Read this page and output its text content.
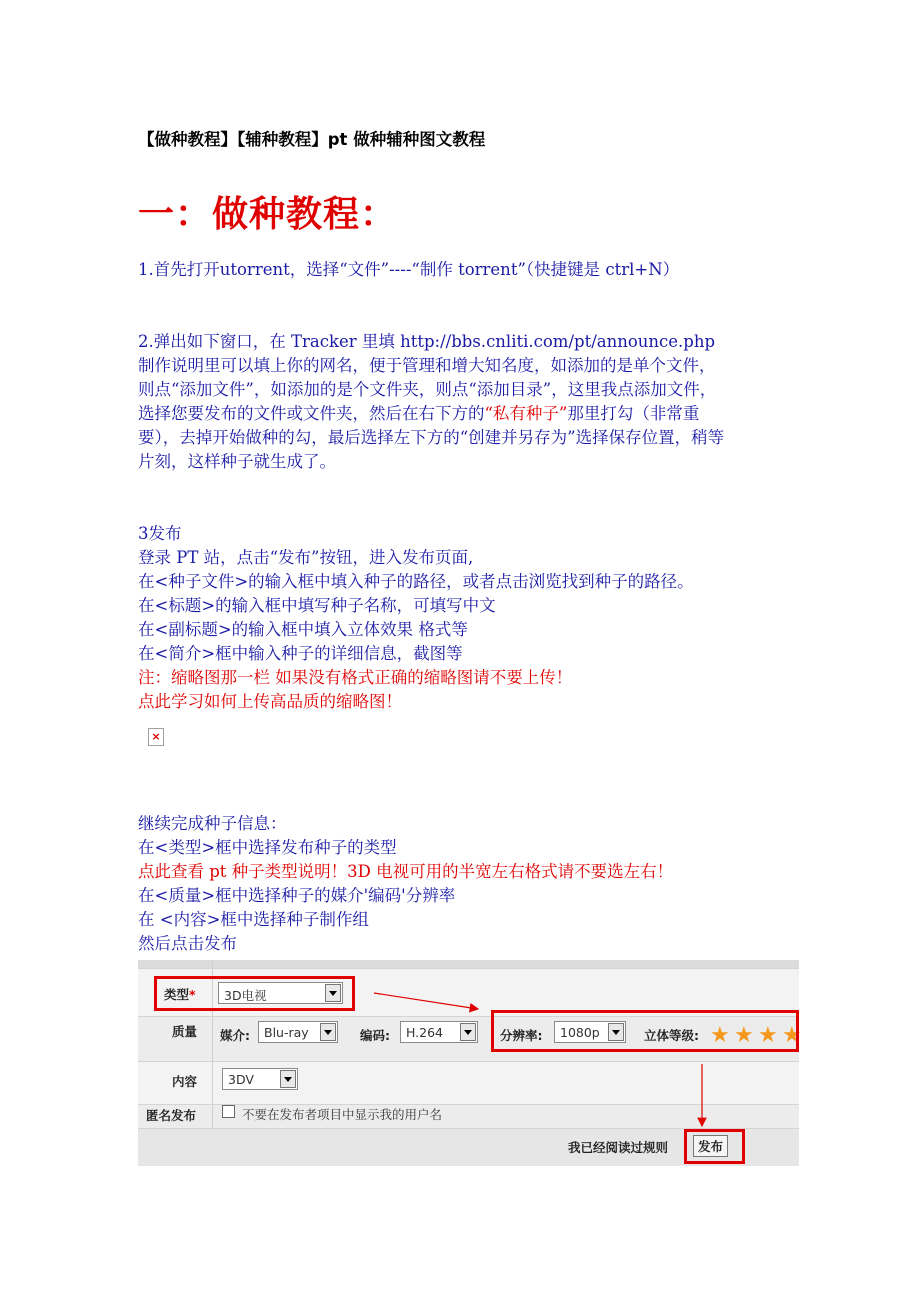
【做种教程】【辅种教程】pt 做种辅种图文教程
一：做种教程：
1.首先打开utorrent，选择“文件”----“制作 torrent”（快捷键是 ctrl+N）
2.弹出如下窗口，在 Tracker 里填 http://bbs.cnliti.com/pt/announce.php
制作说明里可以填上你的网名，便于管理和增大知名度，如添加的是单个文件，
则点“添加文件”，如添加的是个文件夹，则点“添加目录”，这里我点添加文件，
选择您要发布的文件或文件夹，然后在右下方的“私有种子”那里打勾（非常重
要），去掉开始做种的勾，最后选择左下方的“创建并另存为”选择保存位置，稍等
片刻，这样种子就生成了。
3发布
登录 PT 站，点击“发布”按钮，进入发布页面,
在<种子文件>的输入框中填入种子的路径，或者点击浏览找到种子的路径。
在<标题>的输入框中填写种子名称，可填写中文
在<副标题>的输入框中填入立体效果 格式等
在<简介>框中输入种子的详细信息，截图等
注：缩略图那一栏 如果没有格式正确的缩略图请不要上传！
点此学习如何上传高品质的缩略图！
×
继续完成种子信息：
在<类型>框中选择发布种子的类型
点此查看 pt 种子类型说明！3D 电视可用的半宽左右格式请不要选左右！
在<质量>框中选择种子的媒介'编码'分辨率
在 <内容>框中选择种子制作组
然后点击发布
类型* 3D电视
质量 媒介: Blu-ray	编码: H.264	分辨率: 1080p	立体等级: ★ ★ ★ ★
内容 3DV
匿名发布	不要在发布者项目中显示我的用户名
我已经阅读过规则	发布
